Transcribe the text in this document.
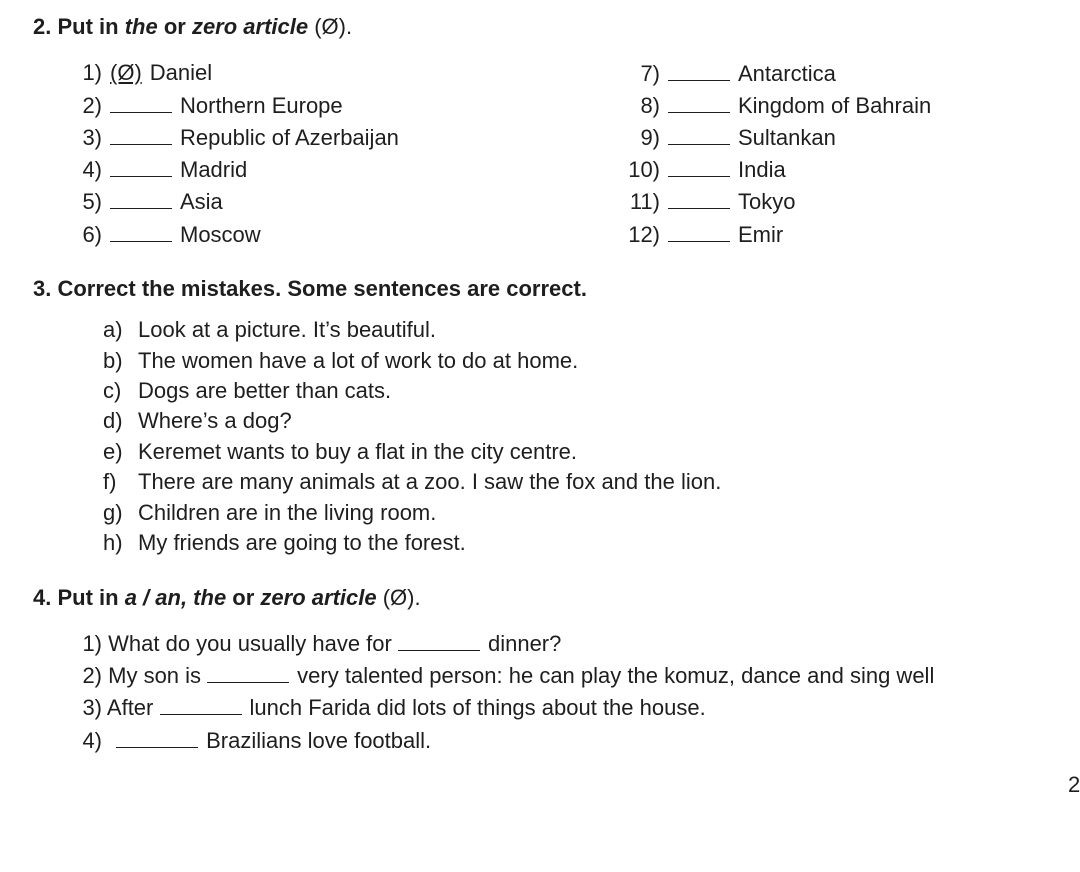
2. Put in the or zero article (Ø).
1) (Ø) Daniel
2)	Northern Europe
3)	Republic of Azerbaijan
4)	Madrid
5)	Asia
6)	Moscow
7)	Antarctica
8)	Kingdom of Bahrain
9)	Sultankan
10)	India
11)	Tokyo
12)	Emir
3. Correct the mistakes. Some sentences are correct.
a) Look at a picture. It’s beautiful.
b) The women have a lot of work to do at home.
c) Dogs are better than cats.
d) Where’s a dog?
e) Keremet wants to buy a flat in the city centre.
f) There are many animals at a zoo. I saw the fox and the lion.
g) Children are in the living room.
h) My friends are going to the forest.
4. Put in a / an, the or zero article (Ø).
1) What do you usually have for	dinner?
2) My son is	very talented person: he can play the komuz, dance and sing well
3) After	lunch Farida did lots of things about the house.
4)	Brazilians love football.
2
